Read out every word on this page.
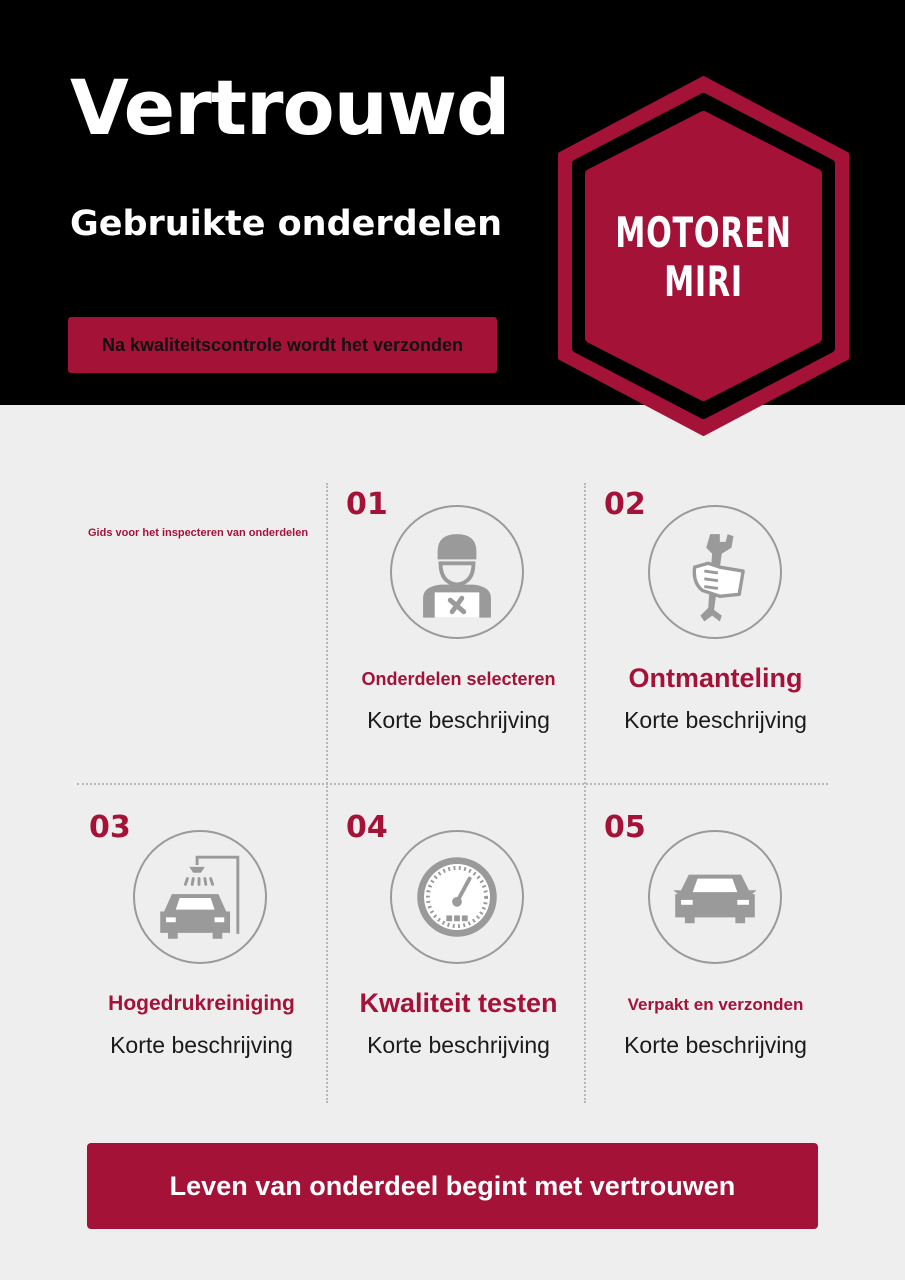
Vertrouwd
Gebruikte onderdelen
Na kwaliteitscontrole wordt het verzonden
MOTOREN MIRI
Gids voor het inspecteren van onderdelen
01
Onderdelen selecteren
Korte beschrijving
02
Ontmanteling
Korte beschrijving
03
Hogedrukreiniging
Korte beschrijving
04
Kwaliteit testen
Korte beschrijving
05
Verpakt en verzonden
Korte beschrijving
Leven van onderdeel begint met vertrouwen
